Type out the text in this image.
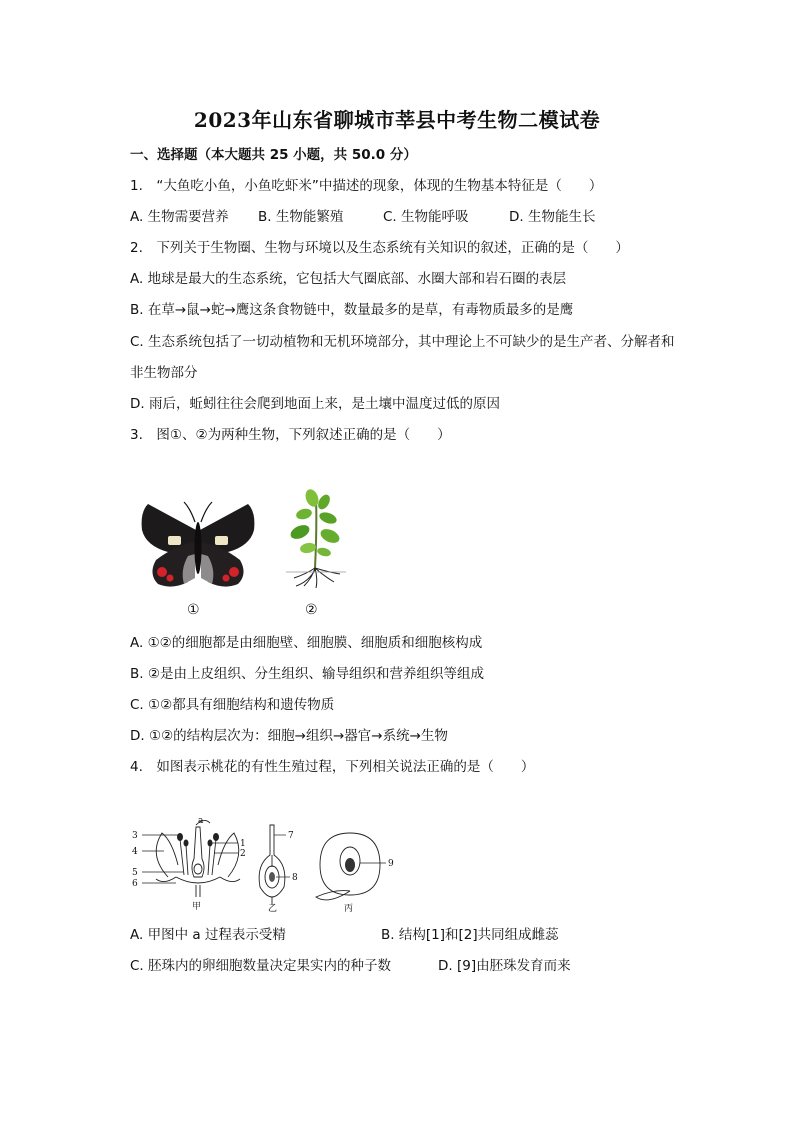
2023年山东省聊城市莘县中考生物二模试卷
一、选择题（本大题共 25 小题，共 50.0 分）
1.　“大鱼吃小鱼，小鱼吃虾米”中描述的现象，体现的生物基本特征是（　　）
A. 生物需要营养 B. 生物能繁殖	C. 生物能呼吸	D. 生物能生长
2.　下列关于生物圈、生物与环境以及生态系统有关知识的叙述，正确的是（　　）
A. 地球是最大的生态系统，它包括大气圈底部、水圈大部和岩石圈的表层
B. 在草→鼠→蛇→鹰这条食物链中，数量最多的是草，有毒物质最多的是鹰
C. 生态系统包括了一切动植物和无机环境部分，其中理论上不可缺少的是生产者、分解者和
非生物部分
D. 雨后，蚯蚓往往会爬到地面上来，是土壤中温度过低的原因
3.　图①、②为两种生物，下列叙述正确的是（　　）
①	②
A. ①②的细胞都是由细胞壁、细胞膜、细胞质和细胞核构成
B. ②是由上皮组织、分生组织、输导组织和营养组织等组成
C. ①②都具有细胞结构和遗传物质
D. ①②的结构层次为：细胞→组织→器官→系统→生物
4.　如图表示桃花的有性生殖过程，下列相关说法正确的是（　　）
3
4
5
6
1
2
a
甲
7
8
乙
9
丙
A. 甲图中 a 过程表示受精	B. 结构[1]和[2]共同组成雌蕊
C. 胚珠内的卵细胞数量决定果实内的种子数	D. [9]由胚珠发育而来
